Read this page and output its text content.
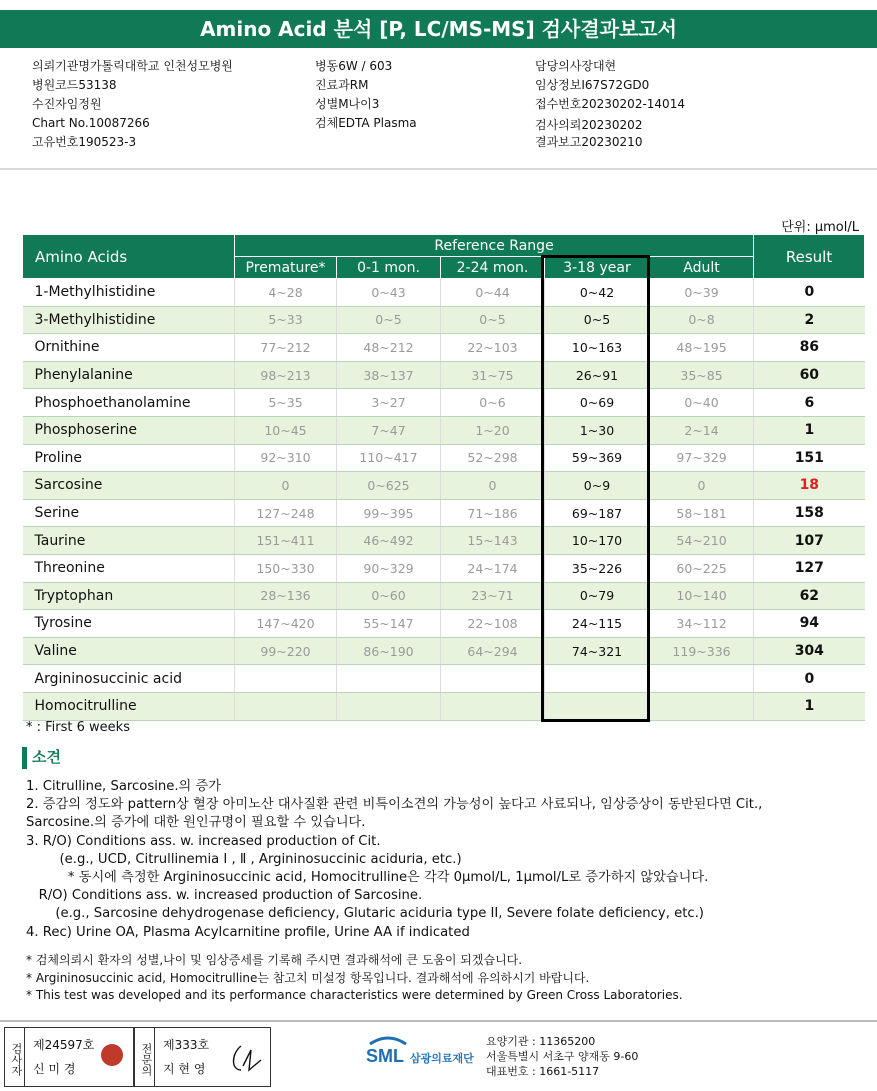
Amino Acid 분석 [P, LC/MS-MS] 검사결과보고서
의뢰기관명가톨릭대학교 인천성모병원
병원코드53138
수진자임정원
Chart No.10087266
고유번호190523-3
병동6W / 603
진료과RM
성별M나이3
검체EDTA Plasma
담당의사장대현
임상정보I67S72GD0
접수번호20230202-14014
검사의뢰20230202
결과보고20230210
단위: µmol/L
Amino Acids	Reference Range					Result
	Premature*	0-1 mon.	2-24 mon.	3-18 year	Adult	
1-Methylhistidine	4~28	0~43	0~44	0~42	0~39	0
3-Methylhistidine	5~33	0~5	0~5	0~5	0~8	2
Ornithine	77~212	48~212	22~103	10~163	48~195	86
Phenylalanine	98~213	38~137	31~75	26~91	35~85	60
Phosphoethanolamine	5~35	3~27	0~6	0~69	0~40	6
Phosphoserine	10~45	7~47	1~20	1~30	2~14	1
Proline	92~310	110~417	52~298	59~369	97~329	151
Sarcosine	0	0~625	0	0~9	0	18
Serine	127~248	99~395	71~186	69~187	58~181	158
Taurine	151~411	46~492	15~143	10~170	54~210	107
Threonine	150~330	90~329	24~174	35~226	60~225	127
Tryptophan	28~136	0~60	23~71	0~79	10~140	62
Tyrosine	147~420	55~147	22~108	24~115	34~112	94
Valine	99~220	86~190	64~294	74~321	119~336	304
Argininosuccinic acid						0
Homocitrulline						1
* : First 6 weeks
소견
1. Citrulline, Sarcosine.의 증가
2. 증감의 정도와 pattern상 혈장 아미노산 대사질환 관련 비특이소견의 가능성이 높다고 사료되나, 임상증상이 동반된다면 Cit.,
Sarcosine.의 증가에 대한 원인규명이 필요할 수 있습니다.
3. R/O) Conditions ass. w. increased production of Cit.
(e.g., UCD, Citrullinemia Ⅰ , Ⅱ , Argininosuccinic aciduria, etc.)
* 동시에 측정한 Argininosuccinic acid, Homocitrulline은 각각 0µmol/L, 1µmol/L로 증가하지 않았습니다.
R/O) Conditions ass. w. increased production of Sarcosine.
(e.g., Sarcosine dehydrogenase deficiency, Glutaric aciduria type II, Severe folate deficiency, etc.)
4. Rec) Urine OA, Plasma Acylcarnitine profile, Urine AA if indicated
* 검체의뢰시 환자의 성별,나이 및 임상증세를 기록해 주시면 결과해석에 큰 도움이 되겠습니다.
* Argininosuccinic acid, Homocitrulline는 참고치 미설정 항목입니다. 결과해석에 유의하시기 바랍니다.
* This test was developed and its performance characteristics were determined by Green Cross Laboratories.
검사자 제24597호
신 미 경	전문의 제333호
지 현 영
SML 삼광의료재단
요양기관 : 11365200
서울특별시 서초구 양재동 9-60
대표번호 : 1661-5117
